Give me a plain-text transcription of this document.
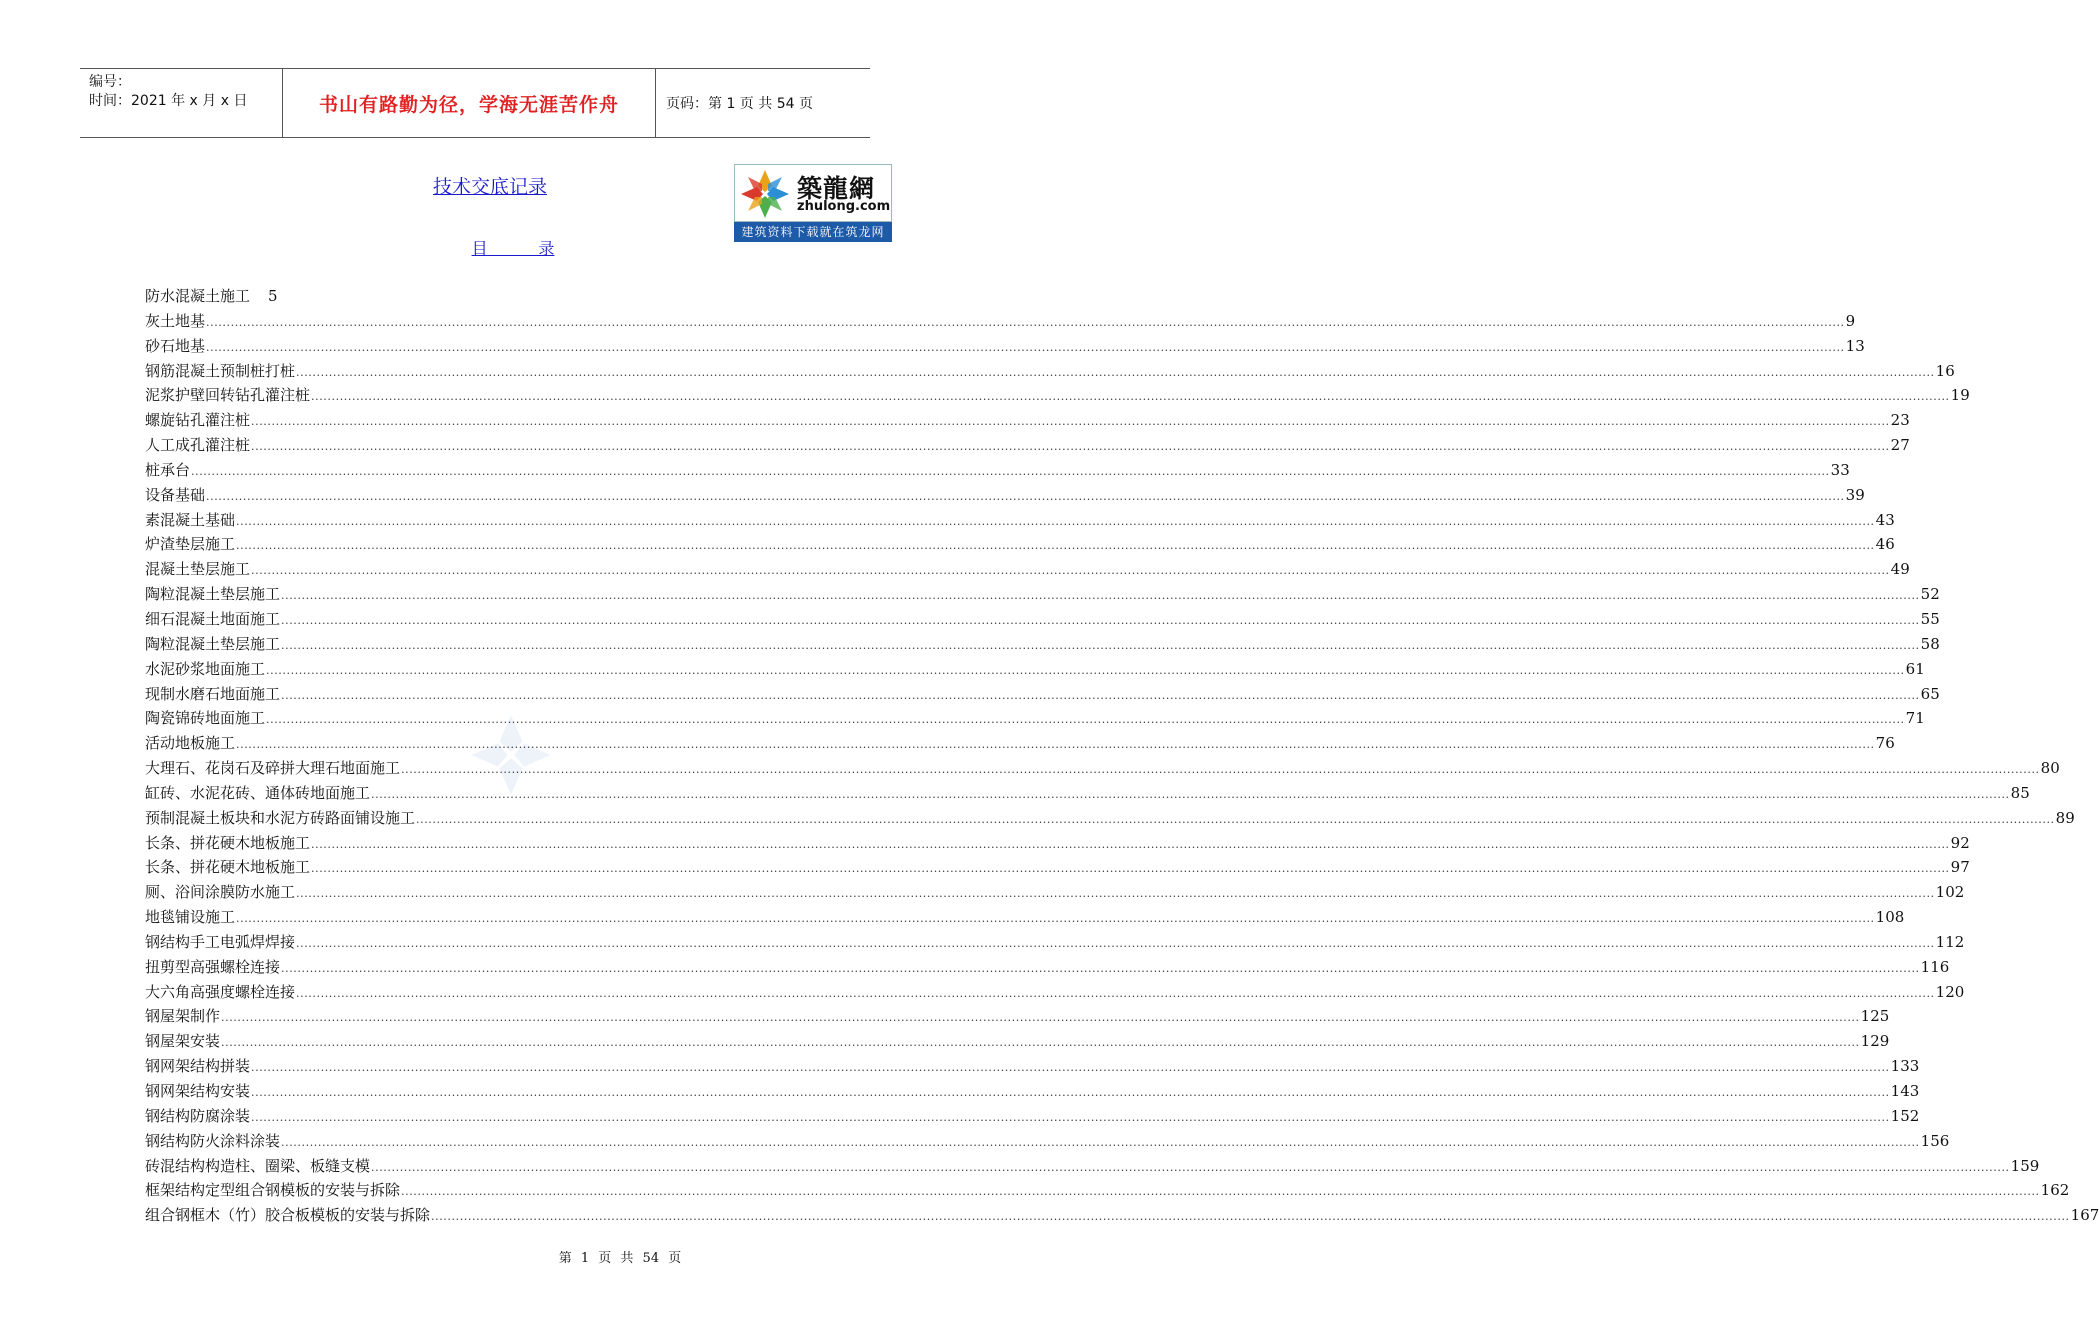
编号：
时间：2021 年 x 月 x 日	书山有路勤为径，学海无涯苦作舟	页码：第 1 页 共 54 页
技术交底记录	築龍網
zhulong.com
建筑资料下载就在筑龙网
目          录
防水混凝土施工 5
灰土地基 ................................................................................................................................................................................................................................................................................................................................................................................................................ 9
砂石地基 ................................................................................................................................................................................................................................................................................................................................................................................................................ 13
钢筋混凝土预制桩打桩 ................................................................................................................................................................................................................................................................................................................................................................................................................ 16
泥浆护壁回转钻孔灌注桩 ................................................................................................................................................................................................................................................................................................................................................................................................................ 19
螺旋钻孔灌注桩 ................................................................................................................................................................................................................................................................................................................................................................................................................ 23
人工成孔灌注桩 ................................................................................................................................................................................................................................................................................................................................................................................................................ 27
桩承台 ................................................................................................................................................................................................................................................................................................................................................................................................................ 33
设备基础 ................................................................................................................................................................................................................................................................................................................................................................................................................ 39
素混凝土基础 ................................................................................................................................................................................................................................................................................................................................................................................................................ 43
炉渣垫层施工 ................................................................................................................................................................................................................................................................................................................................................................................................................ 46
混凝土垫层施工 ................................................................................................................................................................................................................................................................................................................................................................................................................ 49
陶粒混凝土垫层施工 ................................................................................................................................................................................................................................................................................................................................................................................................................ 52
细石混凝土地面施工 ................................................................................................................................................................................................................................................................................................................................................................................................................ 55
陶粒混凝土垫层施工 ................................................................................................................................................................................................................................................................................................................................................................................................................ 58
水泥砂浆地面施工 ................................................................................................................................................................................................................................................................................................................................................................................................................ 61
现制水磨石地面施工 ................................................................................................................................................................................................................................................................................................................................................................................................................ 65
陶瓷锦砖地面施工 ................................................................................................................................................................................................................................................................................................................................................................................................................ 71
活动地板施工 ................................................................................................................................................................................................................................................................................................................................................................................................................ 76
大理石、花岗石及碎拼大理石地面施工 ................................................................................................................................................................................................................................................................................................................................................................................................................ 80
缸砖、水泥花砖、通体砖地面施工 ................................................................................................................................................................................................................................................................................................................................................................................................................ 85
预制混凝土板块和水泥方砖路面铺设施工 ................................................................................................................................................................................................................................................................................................................................................................................................................ 89
长条、拼花硬木地板施工 ................................................................................................................................................................................................................................................................................................................................................................................................................ 92
长条、拼花硬木地板施工 ................................................................................................................................................................................................................................................................................................................................................................................................................ 97
厕、浴间涂膜防水施工 ................................................................................................................................................................................................................................................................................................................................................................................................................ 102
地毯铺设施工 ................................................................................................................................................................................................................................................................................................................................................................................................................ 108
钢结构手工电弧焊焊接 ................................................................................................................................................................................................................................................................................................................................................................................................................ 112
扭剪型高强螺栓连接 ................................................................................................................................................................................................................................................................................................................................................................................................................ 116
大六角高强度螺栓连接 ................................................................................................................................................................................................................................................................................................................................................................................................................ 120
钢屋架制作 ................................................................................................................................................................................................................................................................................................................................................................................................................ 125
钢屋架安装 ................................................................................................................................................................................................................................................................................................................................................................................................................ 129
钢网架结构拼装 ................................................................................................................................................................................................................................................................................................................................................................................................................ 133
钢网架结构安装 ................................................................................................................................................................................................................................................................................................................................................................................................................ 143
钢结构防腐涂装 ................................................................................................................................................................................................................................................................................................................................................................................................................ 152
钢结构防火涂料涂装 ................................................................................................................................................................................................................................................................................................................................................................................................................ 156
砖混结构构造柱、圈梁、板缝支模 ................................................................................................................................................................................................................................................................................................................................................................................................................ 159
框架结构定型组合钢模板的安装与拆除 ................................................................................................................................................................................................................................................................................................................................................................................................................ 162
组合钢框木（竹）胶合板模板的安装与拆除 ................................................................................................................................................................................................................................................................................................................................................................................................................ 167
第 1 页 共 54 页
